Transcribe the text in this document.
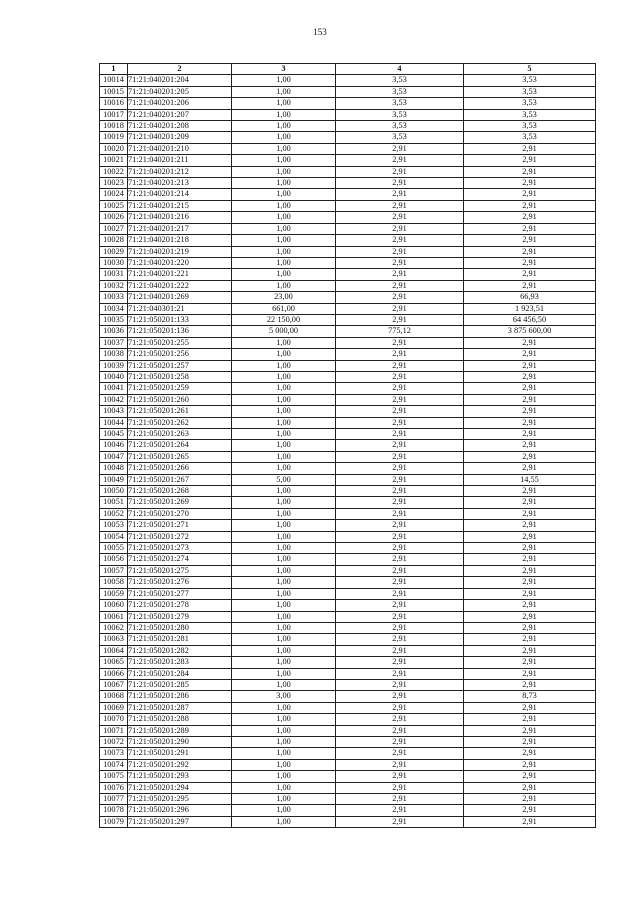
153
1	2	3	4	5
10014	71:21:040201:204	1,00	3,53	3,53
10015	71:21:040201:205	1,00	3,53	3,53
10016	71:21:040201:206	1,00	3,53	3,53
10017	71:21:040201:207	1,00	3,53	3,53
10018	71:21:040201:208	1,00	3,53	3,53
10019	71:21:040201:209	1,00	3,53	3,53
10020	71:21:040201:210	1,00	2,91	2,91
10021	71:21:040201:211	1,00	2,91	2,91
10022	71:21:040201:212	1,00	2,91	2,91
10023	71:21:040201:213	1,00	2,91	2,91
10024	71:21:040201:214	1,00	2,91	2,91
10025	71:21:040201:215	1,00	2,91	2,91
10026	71:21:040201:216	1,00	2,91	2,91
10027	71:21:040201:217	1,00	2,91	2,91
10028	71:21:040201:218	1,00	2,91	2,91
10029	71:21:040201:219	1,00	2,91	2,91
10030	71:21:040201:220	1,00	2,91	2,91
10031	71:21:040201:221	1,00	2,91	2,91
10032	71:21:040201:222	1,00	2,91	2,91
10033	71:21:040201:269	23,00	2,91	66,93
10034	71:21:040301:21	661,00	2,91	1 923,51
10035	71:21:050201:133	22 150,00	2,91	64 456,50
10036	71:21:050201:136	5 000,00	775,12	3 875 600,00
10037	71:21:050201:255	1,00	2,91	2,91
10038	71:21:050201:256	1,00	2,91	2,91
10039	71:21:050201:257	1,00	2,91	2,91
10040	71:21:050201:258	1,00	2,91	2,91
10041	71:21:050201:259	1,00	2,91	2,91
10042	71:21:050201:260	1,00	2,91	2,91
10043	71:21:050201:261	1,00	2,91	2,91
10044	71:21:050201:262	1,00	2,91	2,91
10045	71:21:050201:263	1,00	2,91	2,91
10046	71:21:050201:264	1,00	2,91	2,91
10047	71:21:050201:265	1,00	2,91	2,91
10048	71:21:050201:266	1,00	2,91	2,91
10049	71:21:050201:267	5,00	2,91	14,55
10050	71:21:050201:268	1,00	2,91	2,91
10051	71:21:050201:269	1,00	2,91	2,91
10052	71:21:050201:270	1,00	2,91	2,91
10053	71:21:050201:271	1,00	2,91	2,91
10054	71:21:050201:272	1,00	2,91	2,91
10055	71:21:050201:273	1,00	2,91	2,91
10056	71:21:050201:274	1,00	2,91	2,91
10057	71:21:050201:275	1,00	2,91	2,91
10058	71:21:050201:276	1,00	2,91	2,91
10059	71:21:050201:277	1,00	2,91	2,91
10060	71:21:050201:278	1,00	2,91	2,91
10061	71:21:050201:279	1,00	2,91	2,91
10062	71:21:050201:280	1,00	2,91	2,91
10063	71:21:050201:281	1,00	2,91	2,91
10064	71:21:050201:282	1,00	2,91	2,91
10065	71:21:050201:283	1,00	2,91	2,91
10066	71:21:050201:284	1,00	2,91	2,91
10067	71:21:050201:285	1,00	2,91	2,91
10068	71:21:050201:286	3,00	2,91	8,73
10069	71:21:050201:287	1,00	2,91	2,91
10070	71:21:050201:288	1,00	2,91	2,91
10071	71:21:050201:289	1,00	2,91	2,91
10072	71:21:050201:290	1,00	2,91	2,91
10073	71:21:050201:291	1,00	2,91	2,91
10074	71:21:050201:292	1,00	2,91	2,91
10075	71:21:050201:293	1,00	2,91	2,91
10076	71:21:050201:294	1,00	2,91	2,91
10077	71:21:050201:295	1,00	2,91	2,91
10078	71:21:050201:296	1,00	2,91	2,91
10079	71:21:050201:297	1,00	2,91	2,91
